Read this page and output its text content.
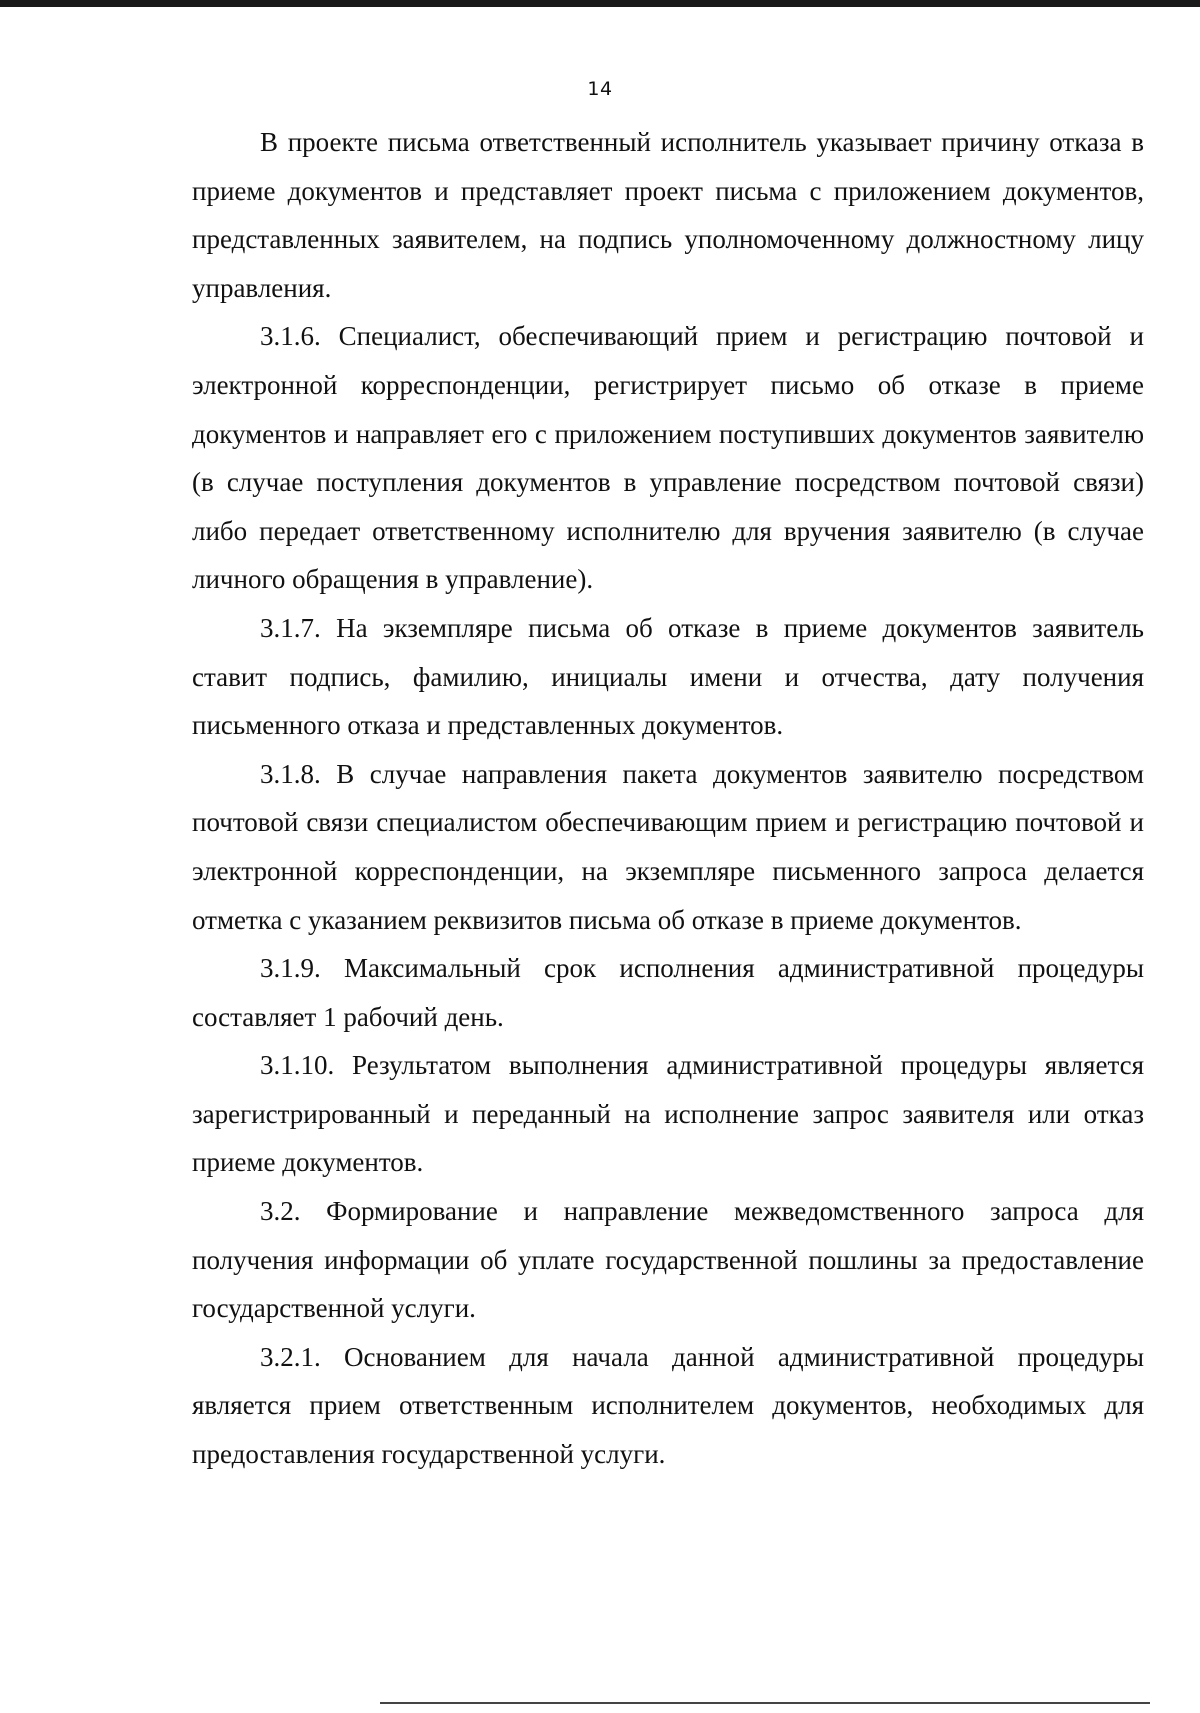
14

В проекте письма ответственный исполнитель указывает причину отказа в приеме документов и представляет проект письма с приложением документов, представленных заявителем, на подпись уполномоченному должностному лицу управления.

3.1.6. Специалист, обеспечивающий прием и регистрацию почтовой и электронной корреспонденции, регистрирует письмо об отказе в приеме документов и направляет его с приложением поступивших документов заявителю (в случае поступления документов в управление посредством почтовой связи) либо передает ответственному исполнителю для вручения заявителю (в случае личного обращения в управление).

3.1.7. На экземпляре письма об отказе в приеме документов заявитель ставит подпись, фамилию, инициалы имени и отчества, дату получения письменного отказа и представленных документов.

3.1.8. В случае направления пакета документов заявителю посредством почтовой связи специалистом обеспечивающим прием и регистрацию почтовой и электронной корреспонденции, на экземпляре письменного запроса делается отметка с указанием реквизитов письма об отказе в приеме документов.

3.1.9. Максимальный срок исполнения административной процедуры составляет 1 рабочий день.

3.1.10. Результатом выполнения административной процедуры является зарегистрированный и переданный на исполнение запрос заявителя или отказ приеме документов.

3.2. Формирование и направление межведомственного запроса для получения информации об уплате государственной пошлины за предоставление государственной услуги.

3.2.1. Основанием для начала данной административной процедуры является прием ответственным исполнителем документов, необходимых для предоставления государственной услуги.
